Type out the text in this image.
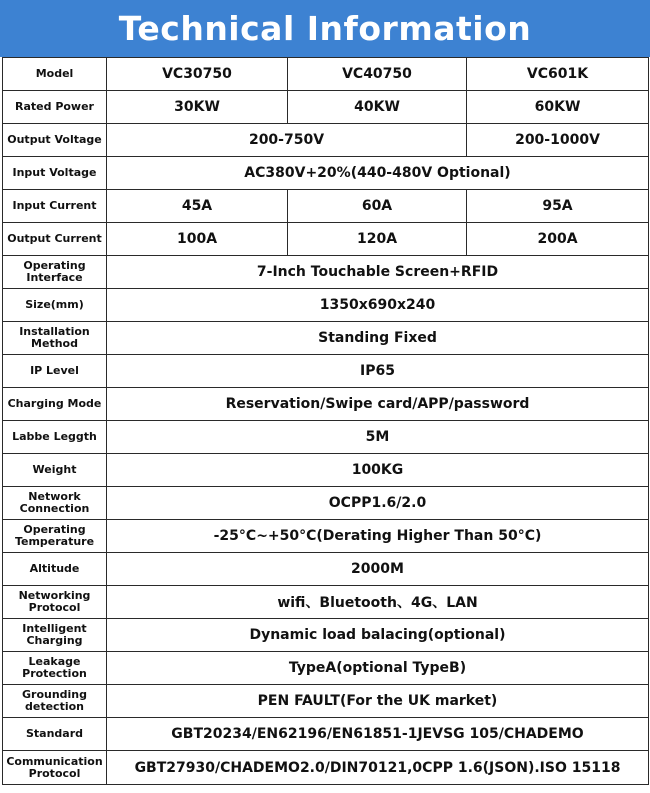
Technical Information
Model	VC30750	VC40750	VC601K
Rated Power	30KW	40KW	60KW
Output Voltage	200-750V		200-1000V
Input Voltage	AC380V+20%(440-480V Optional)		
Input Current	45A	60A	95A
Output Current	100A	120A	200A
Operating Interface	7-Inch Touchable Screen+RFID		
Size(mm)	1350x690x240		
Installation Method	Standing Fixed		
IP Level	IP65		
Charging Mode	Reservation/Swipe card/APP/password		
Labbe Leggth	5M		
Weight	100KG		
Network Connection	OCPP1.6/2.0		
Operating Temperature	-25°C~+50°C(Derating Higher Than 50°C)		
Altitude	2000M		
Networking Protocol	wifi、Bluetooth、4G、LAN		
Intelligent Charging	Dynamic load balacing(optional)		
Leakage Protection	TypeA(optional TypeB)		
Grounding detection	PEN FAULT(For the UK market)		
Standard	GBT20234/EN62196/EN61851-1JEVSG 105/CHADEMO		
Communication Protocol	GBT27930/CHADEMO2.0/DIN70121,0CPP 1.6(JSON).ISO 15118		
